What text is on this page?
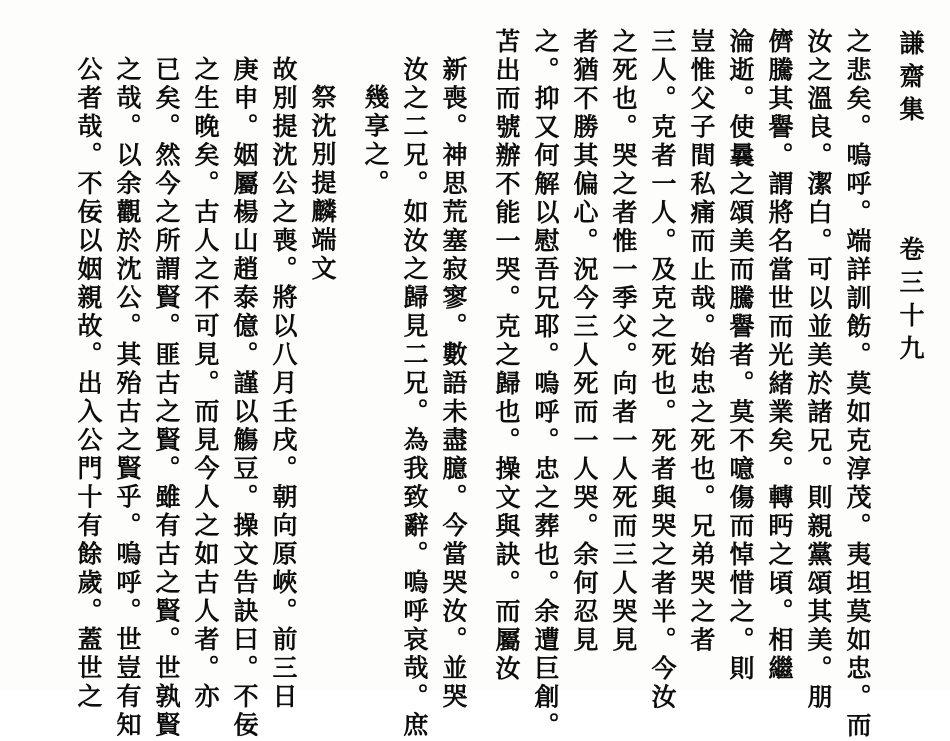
謙齋集 　 卷三十九
之悲矣。嗚呼。端詳訓飭。莫如克淳茂。夷坦莫如忠。而
汝之溫良。潔白。可以並美於諸兄。則親黨頌其美。朋
儕騰其譽。謂將名當世而光緒業矣。轉眄之頃。相繼
淪逝。使曩之頌美而騰譽者。莫不噫傷而悼惜之。則
豈惟父子間私痛而止哉。始忠之死也。兄弟哭之者
三人。克者一人。及克之死也。死者與哭之者半。今汝
之死也。哭之者惟一季父。向者一人死而三人哭見
者猶不勝其偏心。況今三人死而一人哭。余何忍見
之。抑又何解以慰吾兄耶。嗚呼。忠之葬也。余遭巨創。
苫出而號辦不能一哭。克之歸也。操文與訣。而屬汝
新喪。神思荒塞寂寥。數語未盡臆。今當哭汝。並哭
汝之二兄。如汝之歸見二兄。為我致辭。嗚呼哀哉。庶
幾享之。
祭沈別提麟端文
故別提沈公之喪。將以八月壬戌。朝向原峽。前三日
庚申。姻屬楊山趙泰億。謹以觴豆。操文告訣曰。不佞
之生晚矣。古人之不可見。而見今人之如古人者。亦
已矣。然今之所謂賢。匪古之賢。雖有古之賢。世孰賢
之哉。以余觀於沈公。其殆古之賢乎。嗚呼。世豈有知
公者哉。不佞以姻親故。出入公門十有餘歲。蓋世之
